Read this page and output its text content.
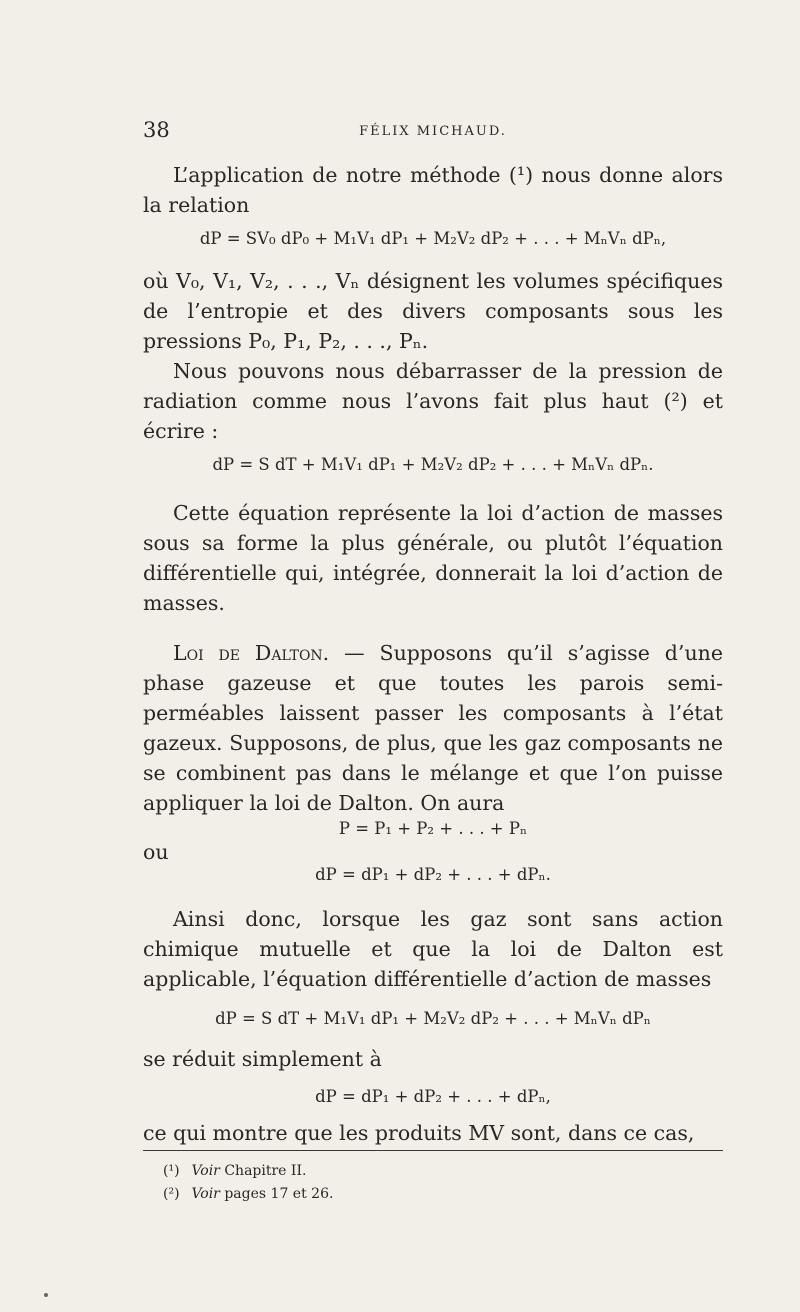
38	FÉLIX MICHAUD.

L’application de notre méthode (¹) nous donne alors la relation

dP = SV₀ dP₀ + M₁V₁ dP₁ + M₂V₂ dP₂ + . . . + MₙVₙ dPₙ,

où V₀, V₁, V₂, . . ., Vₙ désignent les volumes spécifiques de l’entropie et des divers composants sous les pressions P₀, P₁, P₂, . . ., Pₙ.

Nous pouvons nous débarrasser de la pression de radiation comme nous l’avons fait plus haut (²) et écrire :

dP = S dT + M₁V₁ dP₁ + M₂V₂ dP₂ + . . . + MₙVₙ dPₙ.

Cette équation représente la loi d’action de masses sous sa forme la plus générale, ou plutôt l’équation différentielle qui, intégrée, donnerait la loi d’action de masses.

Loi de Dalton. — Supposons qu’il s’agisse d’une phase gazeuse et que toutes les parois semi-perméables laissent passer les composants à l’état gazeux. Supposons, de plus, que les gaz composants ne se combinent pas dans le mélange et que l’on puisse appliquer la loi de Dalton. On aura

P = P₁ + P₂ + . . . + Pₙ

ou

dP = dP₁ + dP₂ + . . . + dPₙ.

Ainsi donc, lorsque les gaz sont sans action chimique mutuelle et que la loi de Dalton est applicable, l’équation différentielle d’action de masses

dP = S dT + M₁V₁ dP₁ + M₂V₂ dP₂ + . . . + MₙVₙ dPₙ

se réduit simplement à

dP = dP₁ + dP₂ + . . . + dPₙ,

ce qui montre que les produits MV sont, dans ce cas,

(¹) Voir Chapitre II.
(²) Voir pages 17 et 26.
